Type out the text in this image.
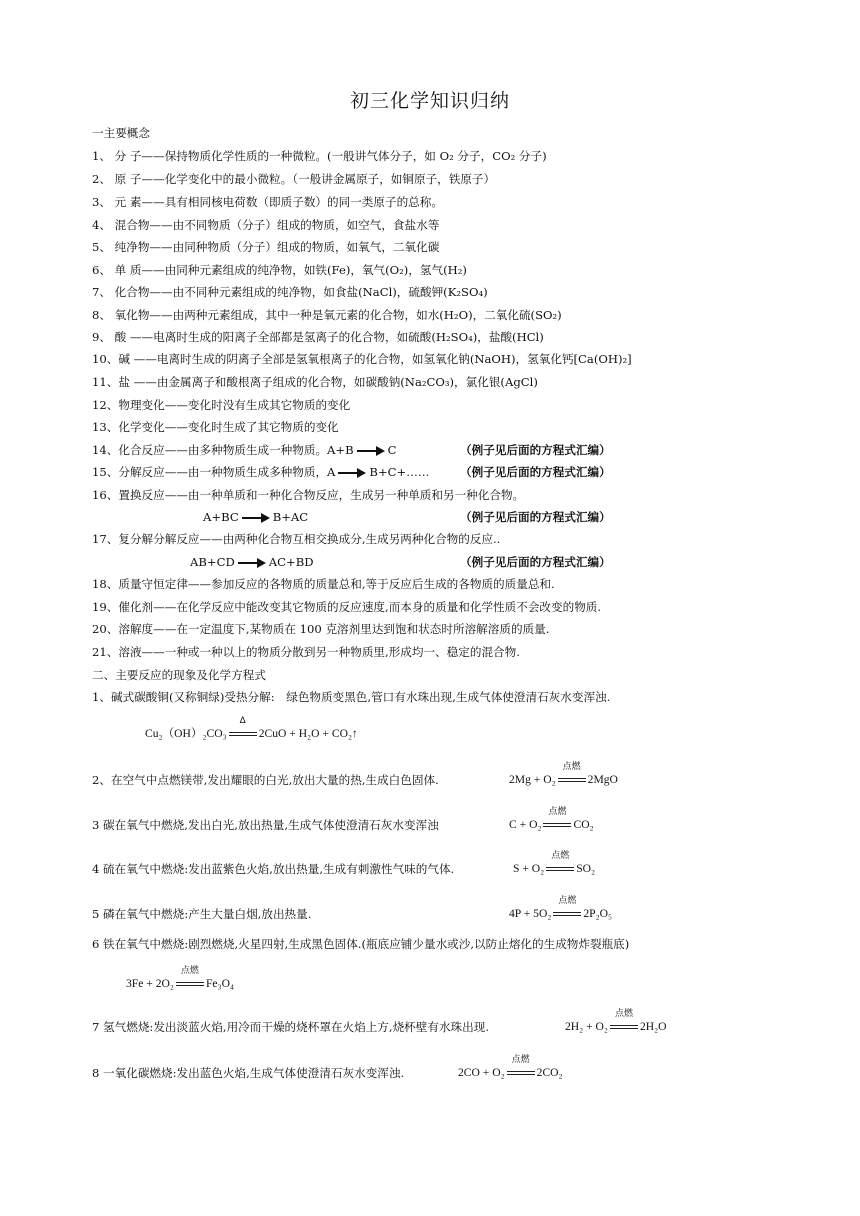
初三化学知识归纳
一主要概念
1、 分 子——保持物质化学性质的一种微粒。(一般讲气体分子，如 O₂ 分子，CO₂ 分子)
2、 原 子——化学变化中的最小微粒。（一般讲金属原子，如铜原子，铁原子）
3、 元 素——具有相同核电荷数（即质子数）的同一类原子的总称。
4、 混合物——由不同物质（分子）组成的物质，如空气，食盐水等
5、 纯净物——由同种物质（分子）组成的物质，如氧气，二氧化碳
6、 单 质——由同种元素组成的纯净物，如铁(Fe)，氧气(O₂)，氢气(H₂)
7、 化合物——由不同种元素组成的纯净物，如食盐(NaCl)，硫酸钾(K₂SO₄)
8、 氧化物——由两种元素组成，其中一种是氧元素的化合物，如水(H₂O)，二氧化硫(SO₂)
9、 酸 ——电离时生成的阳离子全部都是氢离子的化合物，如硫酸(H₂SO₄)，盐酸(HCl)
10、碱 ——电离时生成的阴离子全部是氢氧根离子的化合物，如氢氧化钠(NaOH)，氢氧化钙[Ca(OH)₂]
11、盐 ——由金属离子和酸根离子组成的化合物，如碳酸钠(Na₂CO₃)，氯化银(AgCl)
12、物理变化——变化时没有生成其它物质的变化
13、化学变化——变化时生成了其它物质的变化
14、化合反应——由多种物质生成一种物质。A+B	C	（例子见后面的方程式汇编）
15、分解反应——由一种物质生成多种物质，A	B+C+……	（例子见后面的方程式汇编）
16、置换反应——由一种单质和一种化合物反应，生成另一种单质和另一种化合物。
A+BC	B+AC	（例子见后面的方程式汇编）
17、复分解分解反应——由两种化合物互相交换成分,生成另两种化合物的反应..
AB+CD	AC+BD	（例子见后面的方程式汇编）
18、质量守恒定律——参加反应的各物质的质量总和,等于反应后生成的各物质的质量总和.
19、催化剂——在化学反应中能改变其它物质的反应速度,而本身的质量和化学性质不会改变的物质.
20、溶解度——在一定温度下,某物质在 100 克溶剂里达到饱和状态时所溶解溶质的质量.
21、溶液——一种或一种以上的物质分散到另一种物质里,形成均一、稳定的混合物.
二、主要反应的现象及化学方程式
1、碱式碳酸铜(又称铜绿)受热分解:　绿色物质变黑色,管口有水珠出现,生成气体使澄清石灰水变浑浊.
Cu₂（OH）₂CO₃
Δ
2CuO + H₂O + CO₂↑
2、在空气中点燃镁带,发出耀眼的白光,放出大量的热,生成白色固体.	2Mg + O₂
点燃
2MgO
3 碳在氧气中燃烧,发出白光,放出热量,生成气体使澄清石灰水变浑浊	C + O₂
点燃
CO₂
4 硫在氧气中燃烧:发出蓝紫色火焰,放出热量,生成有刺激性气味的气体.	S + O₂
点燃
SO₂
5 磷在氧气中燃烧:产生大量白烟,放出热量.	4P + 5O₂
点燃
2P₂O₅
6 铁在氧气中燃烧:剧烈燃烧,火星四射,生成黑色固体.(瓶底应铺少量水或沙,以防止熔化的生成物炸裂瓶底)
3Fe + 2O₂
点燃
Fe₃O₄
7 氢气燃烧:发出淡蓝火焰,用冷而干燥的烧杯罩在火焰上方,烧杯壁有水珠出现.	2H₂ + O₂
点燃
2H₂O
8 一氧化碳燃烧:发出蓝色火焰,生成气体使澄清石灰水变浑浊.	2CO + O₂
点燃
2CO₂
